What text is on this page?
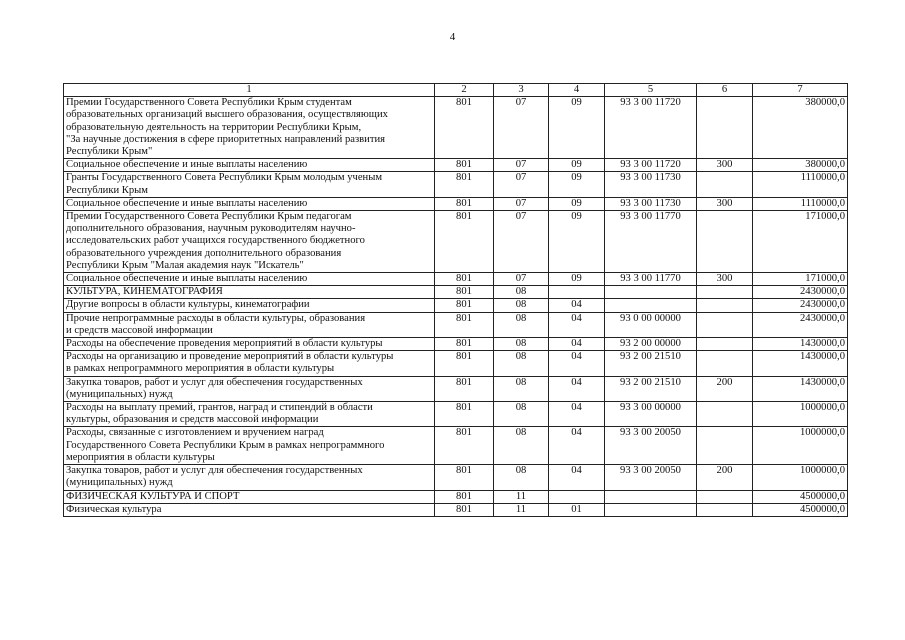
4
1	2	3	4	5	6	7
Премии Государственного Совета Республики Крым студентам
образовательных организаций высшего образования, осуществляющих
образовательную деятельность на территории Республики Крым,
"За научные достижения в сфере приоритетных направлений развития
Республики Крым"	801	07	09	93 3 00 11720		380000,0
Социальное обеспечение и иные выплаты населению	801	07	09	93 3 00 11720	300	380000,0
Гранты Государственного Совета Республики Крым молодым ученым
Республики Крым	801	07	09	93 3 00 11730		1110000,0
Социальное обеспечение и иные выплаты населению	801	07	09	93 3 00 11730	300	1110000,0
Премии Государственного Совета Республики Крым педагогам
дополнительного образования, научным руководителям научно-
исследовательских работ учащихся государственного бюджетного
образовательного учреждения дополнительного образования
Республики Крым "Малая академия наук "Искатель"	801	07	09	93 3 00 11770		171000,0
Социальное обеспечение и иные выплаты населению	801	07	09	93 3 00 11770	300	171000,0
КУЛЬТУРА, КИНЕМАТОГРАФИЯ	801	08				2430000,0
Другие вопросы в области культуры, кинематографии	801	08	04			2430000,0
Прочие непрограммные расходы в области культуры, образования
и средств массовой информации	801	08	04	93 0 00 00000		2430000,0
Расходы на обеспечение проведения мероприятий в области культуры	801	08	04	93 2 00 00000		1430000,0
Расходы на организацию и проведение мероприятий в области культуры
в рамках непрограммного мероприятия в области культуры	801	08	04	93 2 00 21510		1430000,0
Закупка товаров, работ и услуг для обеспечения государственных
(муниципальных) нужд	801	08	04	93 2 00 21510	200	1430000,0
Расходы на выплату премий, грантов, наград и стипендий в области
культуры, образования и средств массовой информации	801	08	04	93 3 00 00000		1000000,0
Расходы, связанные с изготовлением и вручением наград
Государственного Совета Республики Крым в рамках непрограммного
мероприятия в области культуры	801	08	04	93 3 00 20050		1000000,0
Закупка товаров, работ и услуг для обеспечения государственных
(муниципальных) нужд	801	08	04	93 3 00 20050	200	1000000,0
ФИЗИЧЕСКАЯ КУЛЬТУРА И СПОРТ	801	11				4500000,0
Физическая культура	801	11	01			4500000,0
